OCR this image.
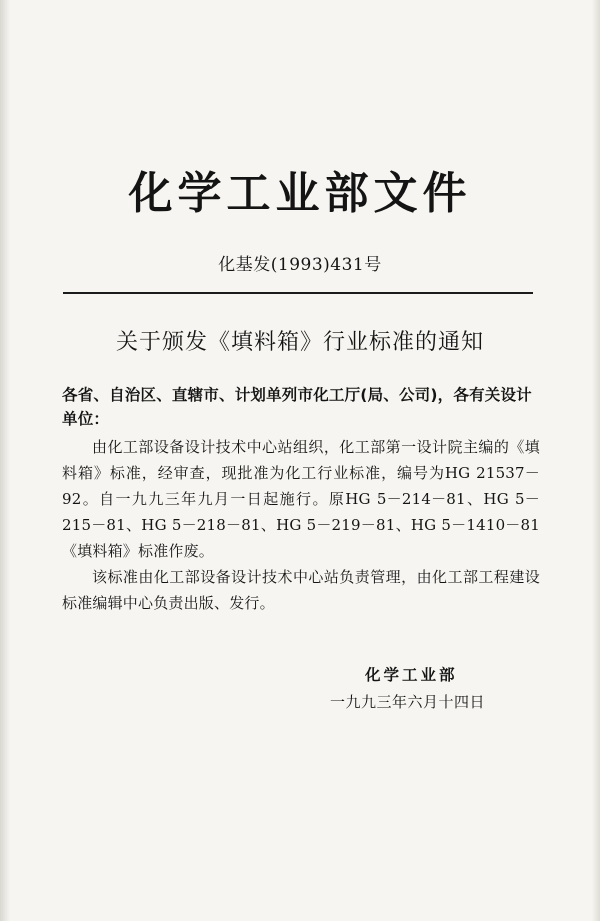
化学工业部文件
化基发(1993)431号
关于颁发《填料箱》行业标准的通知
各省、自治区、直辖市、计划单列市化工厅(局、公司)，各有关设计单位：

由化工部设备设计技术中心站组织，化工部第一设计院主编的《填料箱》标准，经审查，现批准为化工行业标准，编号为HG 21537－92。自一九九三年九月一日起施行。原HG 5－214－81、HG 5－215－81、HG 5－218－81、HG 5－219－81、HG 5－1410－81《填料箱》标准作废。

该标准由化工部设备设计技术中心站负责管理，由化工部工程建设标准编辑中心负责出版、发行。

化学工业部
一九九三年六月十四日
